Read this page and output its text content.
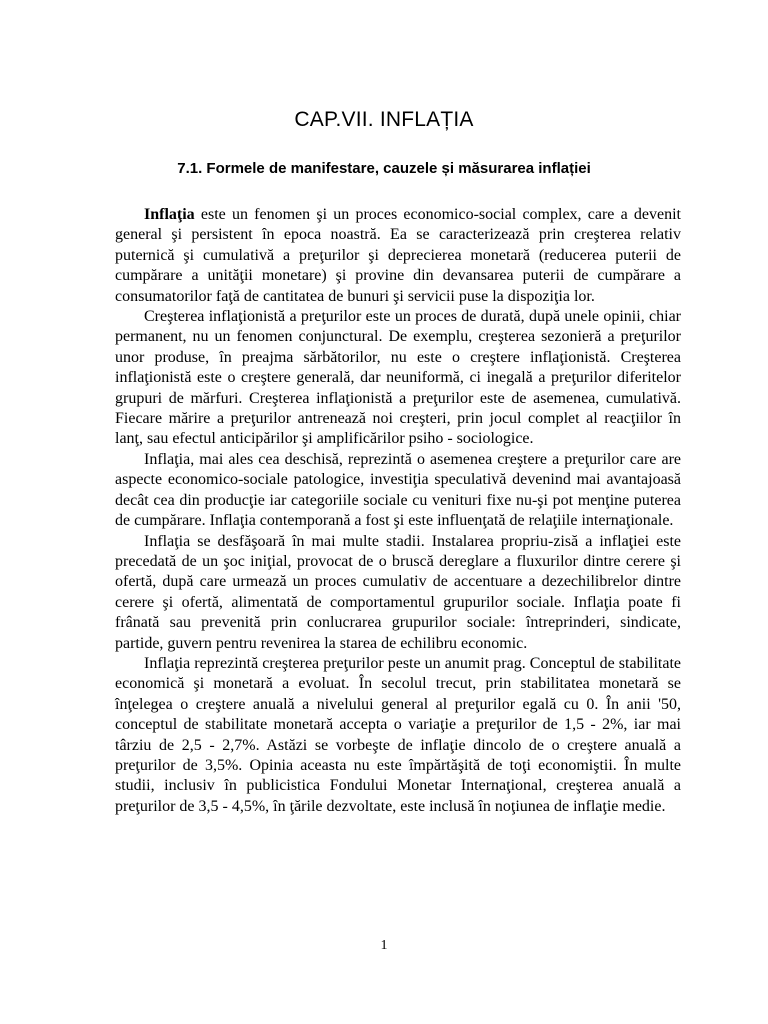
CAP.VII. INFLAȚIA
7.1. Formele de manifestare, cauzele și măsurarea inflației

Inflaţia este un fenomen şi un proces economico-social complex, care a devenit general şi persistent în epoca noastră. Ea se caracterizează prin creşterea relativ puternică şi cumulativă a preţurilor şi deprecierea monetară (reducerea puterii de cumpărare a unităţii monetare) şi provine din devansarea puterii de cumpărare a consumatorilor faţă de cantitatea de bunuri şi servicii puse la dispoziţia lor.

Creşterea inflaţionistă a preţurilor este un proces de durată, după unele opinii, chiar permanent, nu un fenomen conjunctural. De exemplu, creşterea sezonieră a preţurilor unor produse, în preajma sărbătorilor, nu este o creştere inflaţionistă. Creşterea inflaţionistă este o creştere generală, dar neuniformă, ci inegală a preţurilor diferitelor grupuri de mărfuri. Creşterea inflaţionistă a preţurilor este de asemenea, cumulativă. Fiecare mărire a preţurilor antrenează noi creşteri, prin jocul complet al reacţiilor în lanţ, sau efectul anticipărilor şi amplificărilor psiho - sociologice.

Inflaţia, mai ales cea deschisă, reprezintă o asemenea creştere a preţurilor care are aspecte economico-sociale patologice, investiţia speculativă devenind mai avantajoasă decât cea din producţie iar categoriile sociale cu venituri fixe nu-şi pot menţine puterea de cumpărare. Inflaţia contemporană a fost şi este influenţată de relaţiile internaţionale.

Inflaţia se desfăşoară în mai multe stadii. Instalarea propriu-zisă a inflaţiei este precedată de un şoc iniţial, provocat de o bruscă dereglare a fluxurilor dintre cerere şi ofertă, după care urmează un proces cumulativ de accentuare a dezechilibrelor dintre cerere şi ofertă, alimentată de comportamentul grupurilor sociale. Inflaţia poate fi frânată sau prevenită prin conlucrarea grupurilor sociale: întreprinderi, sindicate, partide, guvern pentru revenirea la starea de echilibru economic.

Inflaţia reprezintă creşterea preţurilor peste un anumit prag. Conceptul de stabilitate economică şi monetară a evoluat. În secolul trecut, prin stabilitatea monetară se înţelegea o creştere anuală a nivelului general al preţurilor egală cu 0. În anii '50, conceptul de stabilitate monetară accepta o variaţie a preţurilor de 1,5 - 2%, iar mai târziu de 2,5 - 2,7%. Astăzi se vorbeşte de inflaţie dincolo de o creştere anuală a preţurilor de 3,5%. Opinia aceasta nu este împărtăşită de toţi economiştii. În multe studii, inclusiv în publicistica Fondului Monetar Internaţional, creşterea anuală a preţurilor de 3,5 - 4,5%, în ţările dezvoltate, este inclusă în noţiunea de inflaţie medie.

1
